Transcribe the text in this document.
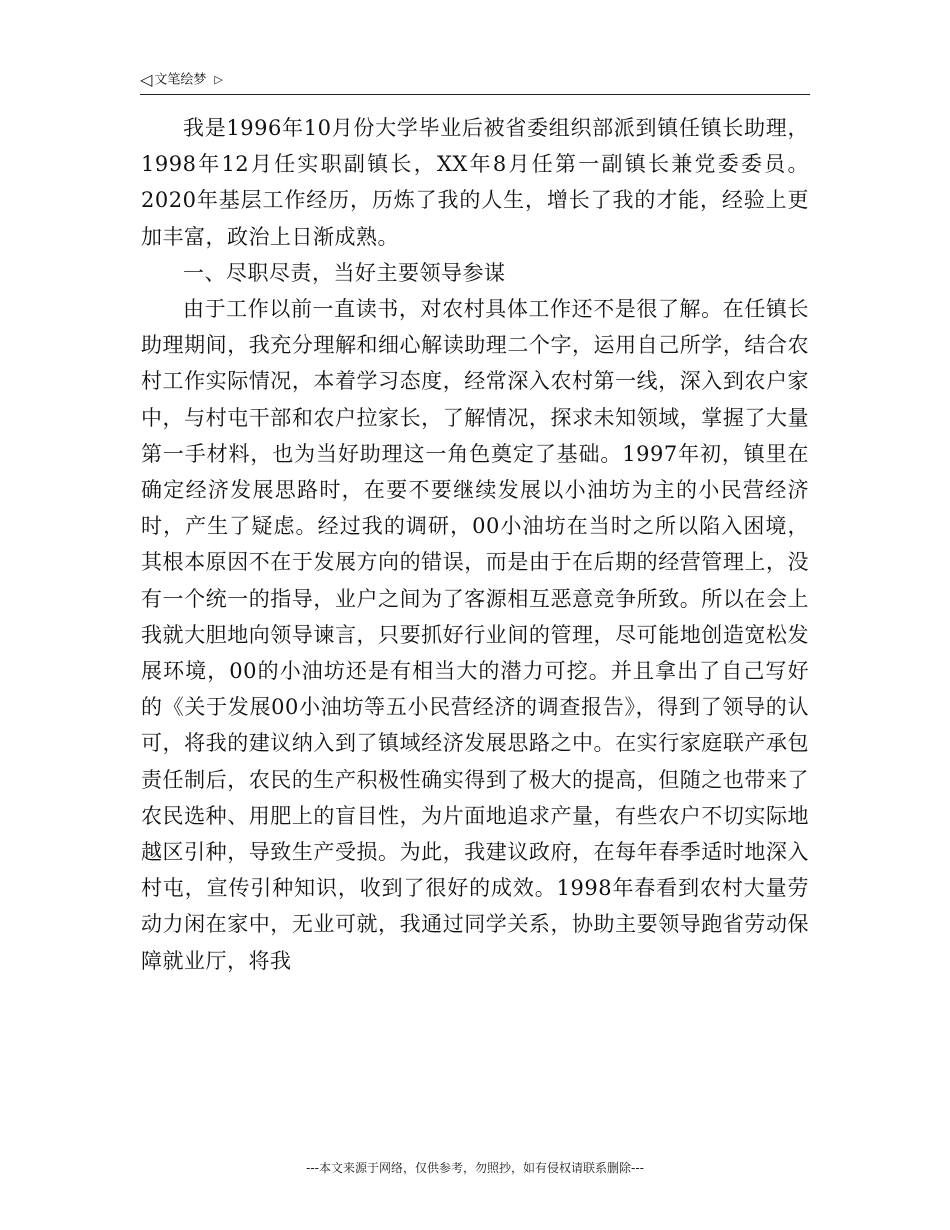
◁ 文笔绘梦 ▷

我是1996年10月份大学毕业后被省委组织部派到镇任镇长助理，1998年12月任实职副镇长，XX年8月任第一副镇长兼党委委员。2020年基层工作经历，历炼了我的人生，增长了我的才能，经验上更加丰富，政治上日渐成熟。

一、尽职尽责，当好主要领导参谋

由于工作以前一直读书，对农村具体工作还不是很了解。在任镇长助理期间，我充分理解和细心解读助理二个字，运用自己所学，结合农村工作实际情况，本着学习态度，经常深入农村第一线，深入到农户家中，与村屯干部和农户拉家长，了解情况，探求未知领域，掌握了大量第一手材料，也为当好助理这一角色奠定了基础。1997年初，镇里在确定经济发展思路时，在要不要继续发展以小油坊为主的小民营经济时，产生了疑虑。经过我的调研，00小油坊在当时之所以陷入困境，其根本原因不在于发展方向的错误，而是由于在后期的经营管理上，没有一个统一的指导，业户之间为了客源相互恶意竞争所致。所以在会上我就大胆地向领导谏言，只要抓好行业间的管理，尽可能地创造宽松发展环境，00的小油坊还是有相当大的潜力可挖。并且拿出了自己写好的《关于发展00小油坊等五小民营经济的调查报告》，得到了领导的认可，将我的建议纳入到了镇域经济发展思路之中。在实行家庭联产承包责任制后，农民的生产积极性确实得到了极大的提高，但随之也带来了农民选种、用肥上的盲目性，为片面地追求产量，有些农户不切实际地越区引种，导致生产受损。为此，我建议政府，在每年春季适时地深入村屯，宣传引种知识，收到了很好的成效。1998年春看到农村大量劳动力闲在家中，无业可就，我通过同学关系，协助主要领导跑省劳动保障就业厅，将我

---本文来源于网络，仅供参考，勿照抄，如有侵权请联系删除---
